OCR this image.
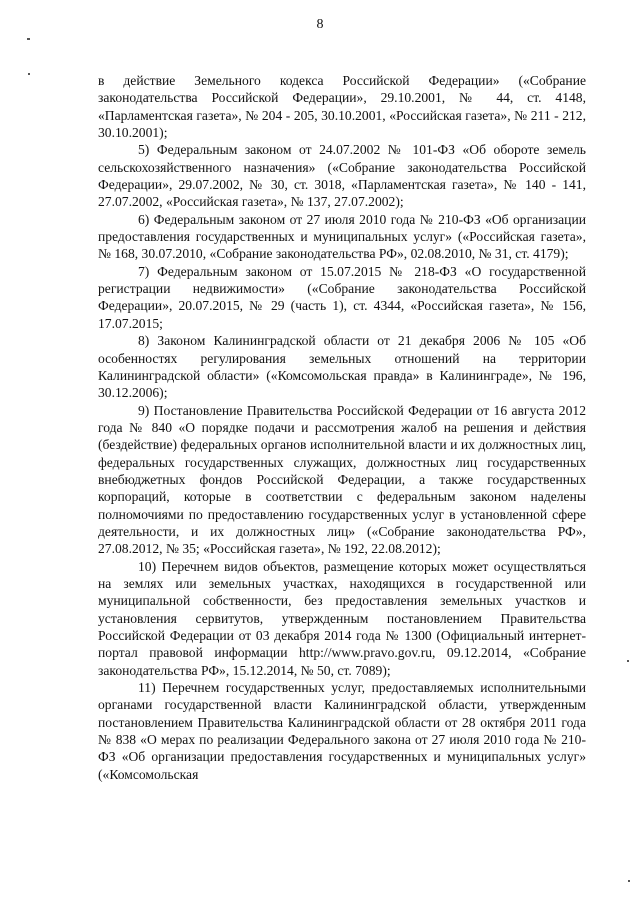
8

в действие Земельного кодекса Российской Федерации» («Собрание законодательства Российской Федерации», 29.10.2001, № 44, ст. 4148, «Парламентская газета», № 204 - 205, 30.10.2001, «Российская газета», № 211 - 212, 30.10.2001);

5) Федеральным законом от 24.07.2002 № 101-ФЗ «Об обороте земель сельскохозяйственного назначения» («Собрание законодательства Российской Федерации», 29.07.2002, № 30, ст. 3018, «Парламентская газета», № 140 - 141, 27.07.2002, «Российская газета», № 137, 27.07.2002);

6) Федеральным законом от 27 июля 2010 года № 210-ФЗ «Об организации предоставления государственных и муниципальных услуг» («Российская газета», № 168, 30.07.2010, «Собрание законодательства РФ», 02.08.2010, № 31, ст. 4179);

7) Федеральным законом от 15.07.2015 № 218-ФЗ «О государственной регистрации недвижимости» («Собрание законодательства Российской Федерации», 20.07.2015, № 29 (часть 1), ст. 4344, «Российская газета», № 156, 17.07.2015;

8) Законом Калининградской области от 21 декабря 2006 № 105 «Об особенностях регулирования земельных отношений на территории Калининградской области» («Комсомольская правда» в Калининграде», № 196, 30.12.2006);

9) Постановление Правительства Российской Федерации от 16 августа 2012 года № 840 «О порядке подачи и рассмотрения жалоб на решения и действия (бездействие) федеральных органов исполнительной власти и их должностных лиц, федеральных государственных служащих, должностных лиц государственных внебюджетных фондов Российской Федерации, а также государственных корпораций, которые в соответствии с федеральным законом наделены полномочиями по предоставлению государственных услуг в установленной сфере деятельности, и их должностных лиц» («Собрание законодательства РФ», 27.08.2012, № 35; «Российская газета», № 192, 22.08.2012);

10) Перечнем видов объектов, размещение которых может осуществляться на землях или земельных участках, находящихся в государственной или муниципальной собственности, без предоставления земельных участков и установления сервитутов, утвержденным постановлением Правительства Российской Федерации от 03 декабря 2014 года № 1300 (Официальный интернет-портал правовой информации http://www.pravo.gov.ru, 09.12.2014, «Собрание законодательства РФ», 15.12.2014, № 50, ст. 7089);

11) Перечнем государственных услуг, предоставляемых исполнительными органами государственной власти Калининградской области, утвержденным постановлением Правительства Калининградской области от 28 октября 2011 года № 838 «О мерах по реализации Федерального закона от 27 июля 2010 года № 210-ФЗ «Об организации предоставления государственных и муниципальных услуг» («Комсомольская
